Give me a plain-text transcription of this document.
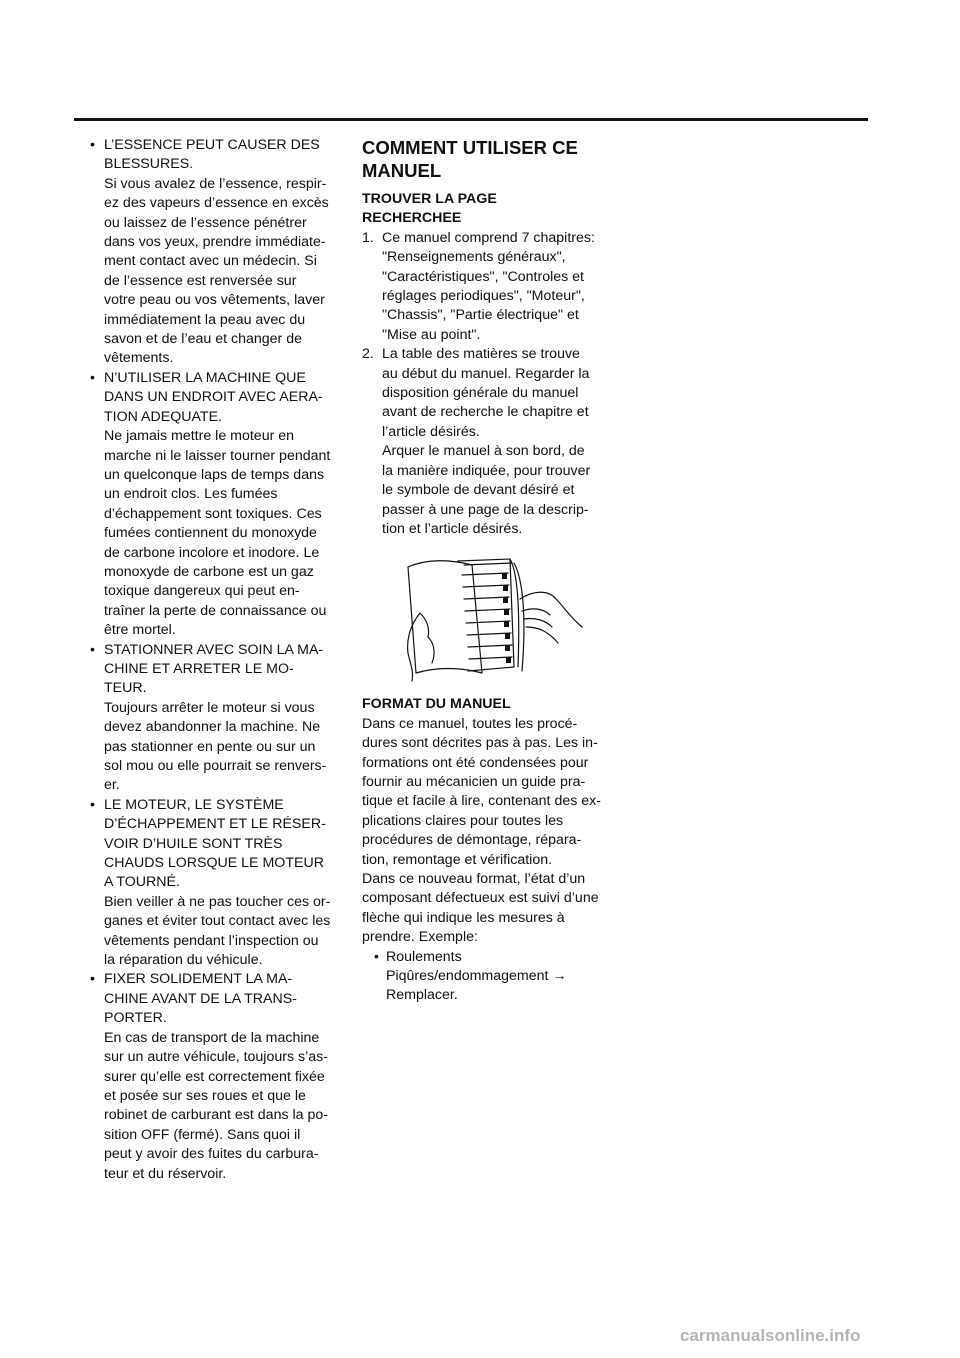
• L’ESSENCE PEUT CAUSER DES
BLESSURES.
Si vous avalez de l’essence, respir-
ez des vapeurs d’essence en excès
ou laissez de l’essence pénétrer
dans vos yeux, prendre immédiate-
ment contact avec un médecin. Si
de l’essence est renversée sur
votre peau ou vos vêtements, laver
immédiatement la peau avec du
savon et de l’eau et changer de
vêtements.
• N’UTILISER LA MACHINE QUE
DANS UN ENDROIT AVEC AERA-
TION ADEQUATE.
Ne jamais mettre le moteur en
marche ni le laisser tourner pendant
un quelconque laps de temps dans
un endroit clos. Les fumées
d’échappement sont toxiques. Ces
fumées contiennent du monoxyde
de carbone incolore et inodore. Le
monoxyde de carbone est un gaz
toxique dangereux qui peut en-
traîner la perte de connaissance ou
être mortel.
• STATIONNER AVEC SOIN LA MA-
CHINE ET ARRETER LE MO-
TEUR.
Toujours arrêter le moteur si vous
devez abandonner la machine. Ne
pas stationner en pente ou sur un
sol mou ou elle pourrait se renvers-
er.
• LE MOTEUR, LE SYSTÈME
D’ÉCHAPPEMENT ET LE RÉSER-
VOIR D’HUILE SONT TRÈS
CHAUDS LORSQUE LE MOTEUR
A TOURNÉ.
Bien veiller à ne pas toucher ces or-
ganes et éviter tout contact avec les
vêtements pendant l’inspection ou
la réparation du véhicule.
• FIXER SOLIDEMENT LA MA-
CHINE AVANT DE LA TRANS-
PORTER.
En cas de transport de la machine
sur un autre véhicule, toujours s’as-
surer qu’elle est correctement fixée
et posée sur ses roues et que le
robinet de carburant est dans la po-
sition OFF (fermé). Sans quoi il
peut y avoir des fuites du carbura-
teur et du réservoir.
COMMENT UTILISER CE
MANUEL
TROUVER LA PAGE
RECHERCHEE
1. Ce manuel comprend 7 chapitres:
"Renseignements généraux",
"Caractéristiques", "Controles et
réglages periodiques", "Moteur",
"Chassis", "Partie électrique" et
"Mise au point".
2. La table des matières se trouve
au début du manuel. Regarder la
disposition générale du manuel
avant de recherche le chapitre et
l’article désirés.
Arquer le manuel à son bord, de
la manière indiquée, pour trouver
le symbole de devant désiré et
passer à une page de la descrip-
tion et l’article désirés.
FORMAT DU MANUEL
Dans ce manuel, toutes les procé-
dures sont décrites pas à pas. Les in-
formations ont été condensées pour
fournir au mécanicien un guide pra-
tique et facile à lire, contenant des ex-
plications claires pour toutes les
procédures de démontage, répara-
tion, remontage et vérification.
Dans ce nouveau format, l’état d’un
composant défectueux est suivi d’une
flèche qui indique les mesures à
prendre. Exemple:
• Roulements
Piqûres/endommagement →
Remplacer.
carmanualsonline.info
